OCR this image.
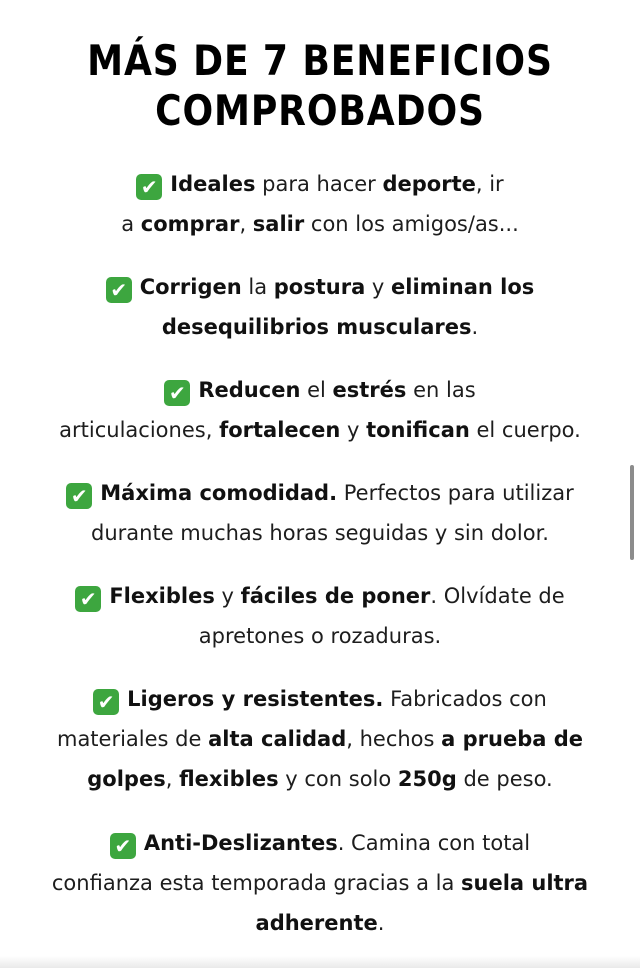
MÁS DE 7 BENEFICIOS
COMPROBADOS
✔ Ideales para hacer deporte, ir
a comprar, salir con los amigos/as...
✔ Corrigen la postura y eliminan los
desequilibrios musculares.
✔ Reducen el estrés en las
articulaciones, fortalecen y tonifican el cuerpo.
✔ Máxima comodidad. Perfectos para utilizar
durante muchas horas seguidas y sin dolor.
✔ Flexibles y fáciles de poner. Olvídate de
apretones o rozaduras.
✔ Ligeros y resistentes. Fabricados con
materiales de alta calidad, hechos a prueba de
golpes, flexibles y con solo 250g de peso.
✔ Anti-Deslizantes. Camina con total
confianza esta temporada gracias a la suela ultra
adherente.
